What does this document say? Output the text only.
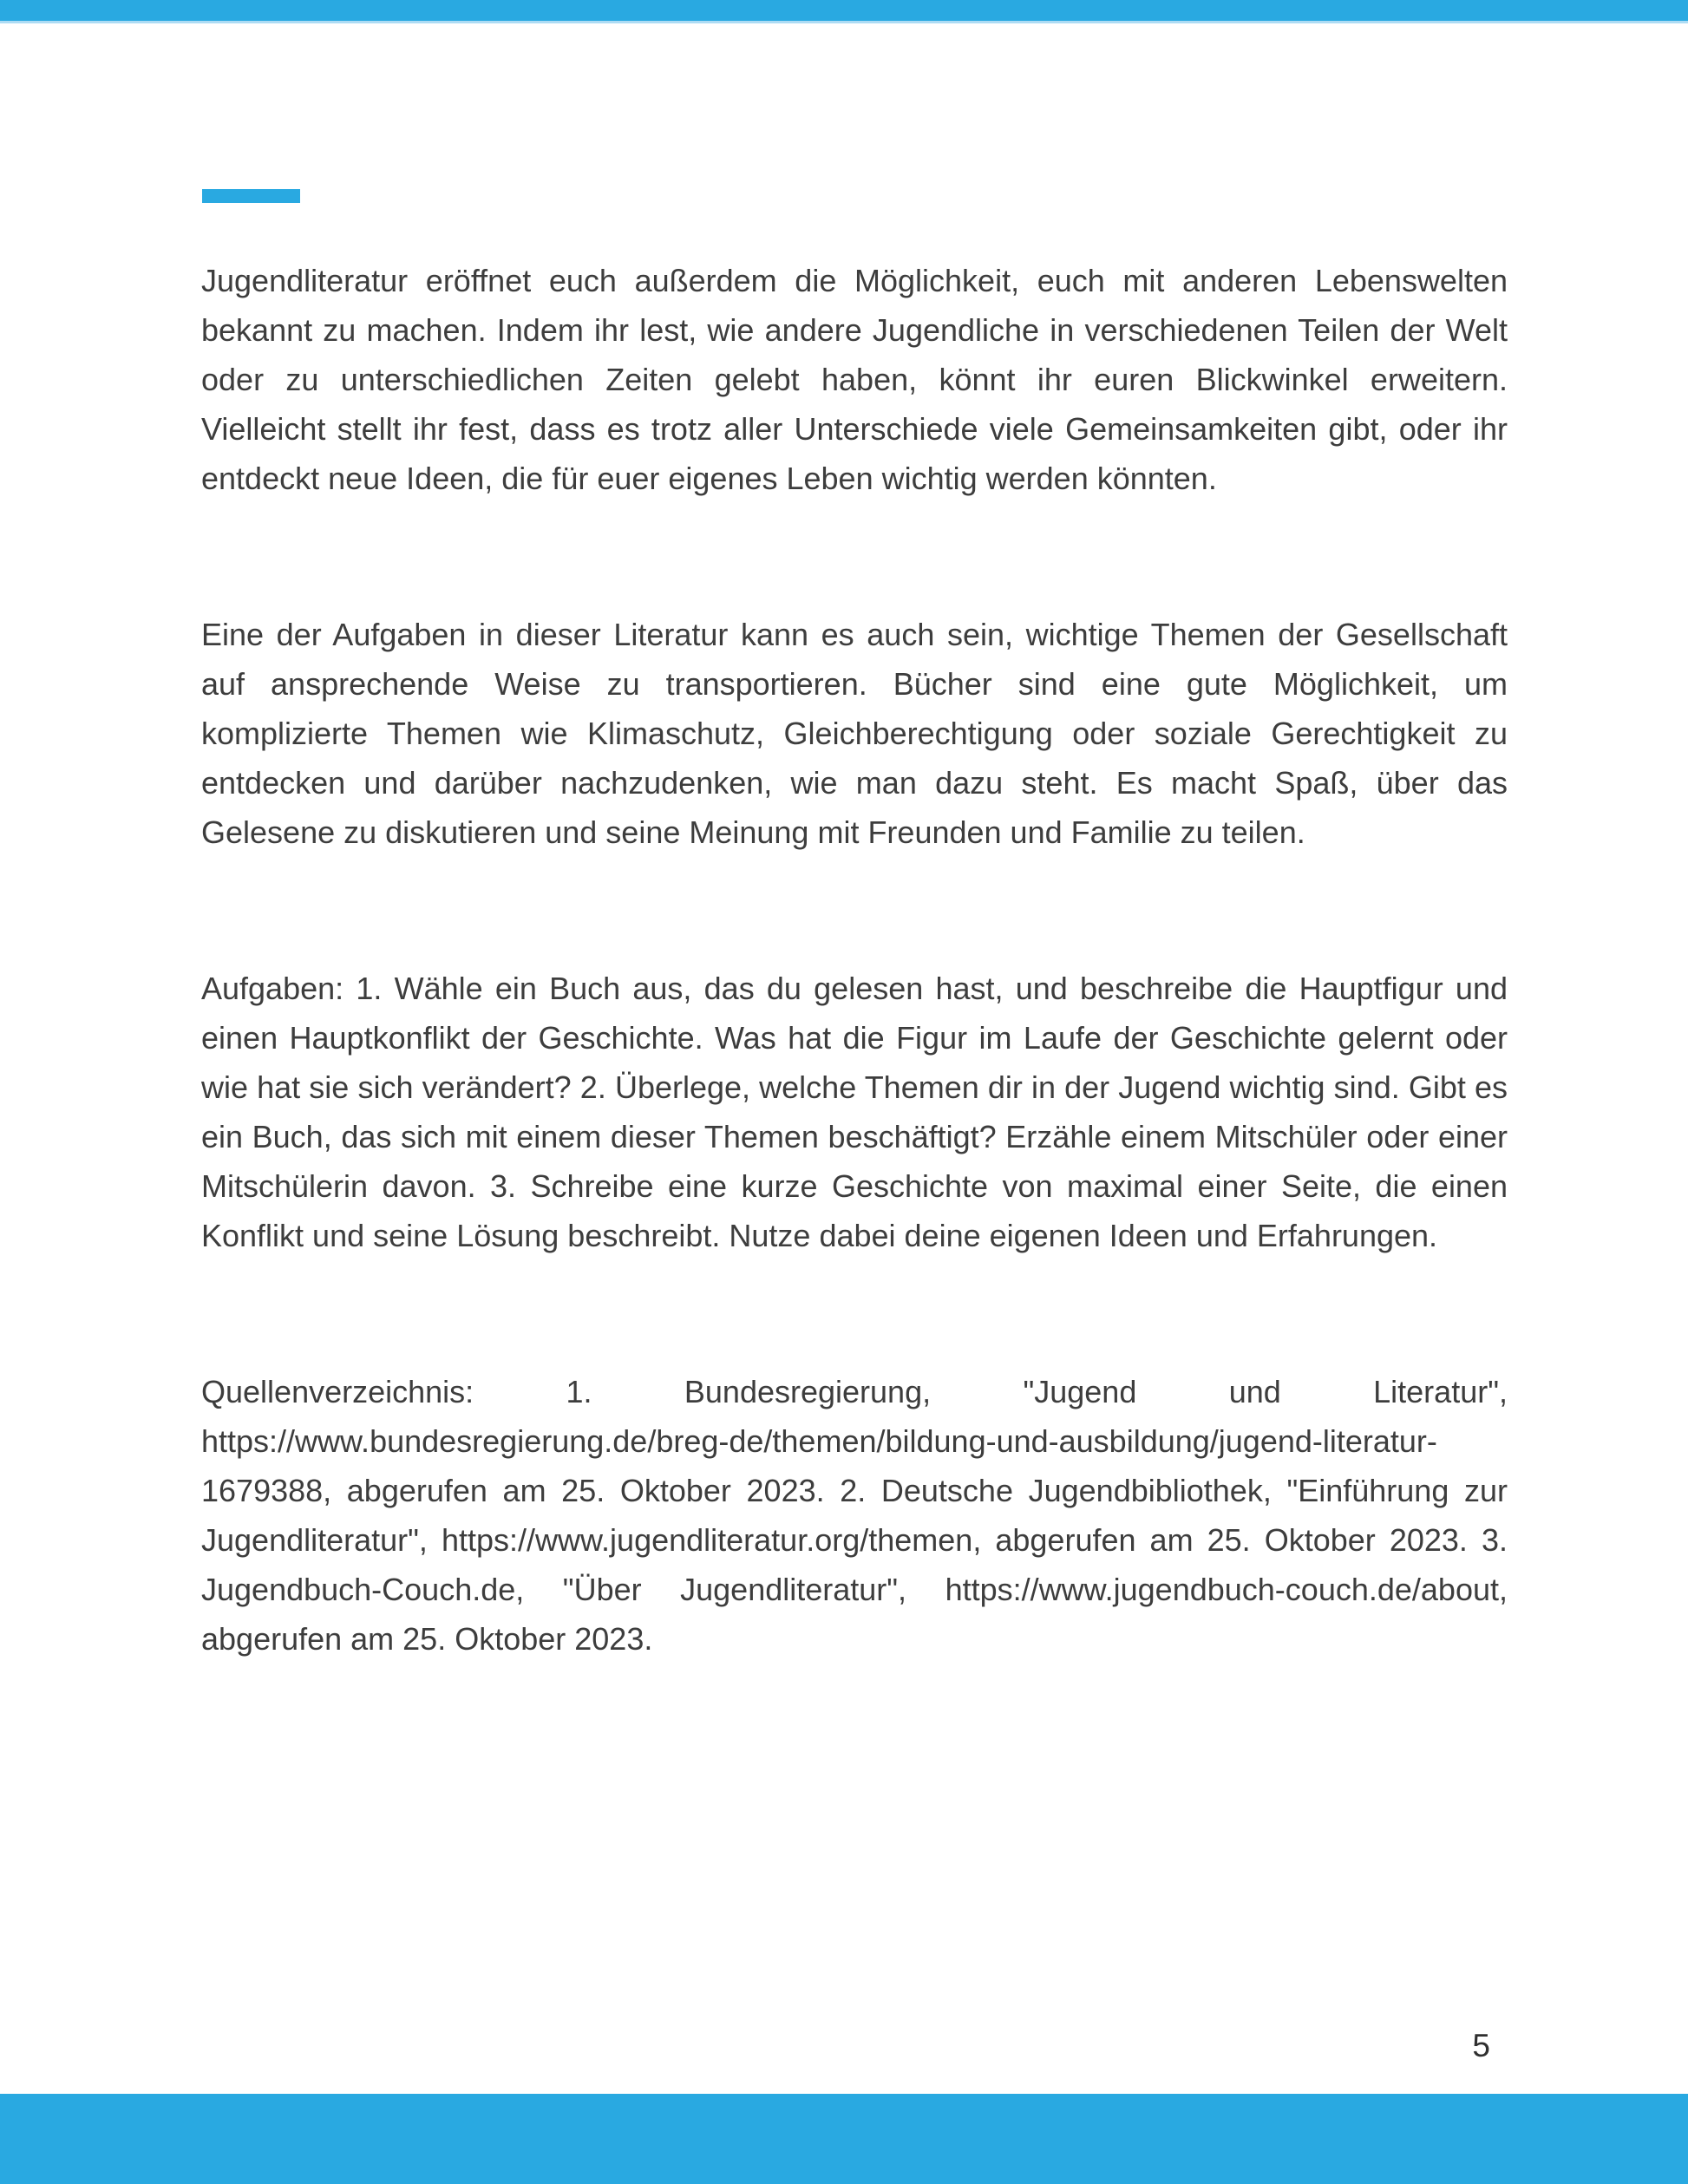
Jugendliteratur eröffnet euch außerdem die Möglichkeit, euch mit anderen Lebenswelten bekannt zu machen. Indem ihr lest, wie andere Jugendliche in verschiedenen Teilen der Welt oder zu unterschiedlichen Zeiten gelebt haben, könnt ihr euren Blickwinkel erweitern. Vielleicht stellt ihr fest, dass es trotz aller Unterschiede viele Gemeinsamkeiten gibt, oder ihr entdeckt neue Ideen, die für euer eigenes Leben wichtig werden könnten.

Eine der Aufgaben in dieser Literatur kann es auch sein, wichtige Themen der Gesellschaft auf ansprechende Weise zu transportieren. Bücher sind eine gute Möglichkeit, um komplizierte Themen wie Klimaschutz, Gleichberechtigung oder soziale Gerechtigkeit zu entdecken und darüber nachzudenken, wie man dazu steht. Es macht Spaß, über das Gelesene zu diskutieren und seine Meinung mit Freunden und Familie zu teilen.

Aufgaben: 1. Wähle ein Buch aus, das du gelesen hast, und beschreibe die Hauptfigur und einen Hauptkonflikt der Geschichte. Was hat die Figur im Laufe der Geschichte gelernt oder wie hat sie sich verändert? 2. Überlege, welche Themen dir in der Jugend wichtig sind. Gibt es ein Buch, das sich mit einem dieser Themen beschäftigt? Erzähle einem Mitschüler oder einer Mitschülerin davon. 3. Schreibe eine kurze Geschichte von maximal einer Seite, die einen Konflikt und seine Lösung beschreibt. Nutze dabei deine eigenen Ideen und Erfahrungen.

Quellenverzeichnis: 1. Bundesregierung, "Jugend und Literatur", https://www.bundesregierung.de/breg-de/themen/bildung-und-ausbildung/jugend-literatur-1679388, abgerufen am 25. Oktober 2023. 2. Deutsche Jugendbibliothek, "Einführung zur Jugendliteratur", https://www.jugendliteratur.org/themen, abgerufen am 25. Oktober 2023. 3. Jugendbuch-Couch.de, "Über Jugendliteratur", https://www.jugendbuch-couch.de/about, abgerufen am 25. Oktober 2023.

5
